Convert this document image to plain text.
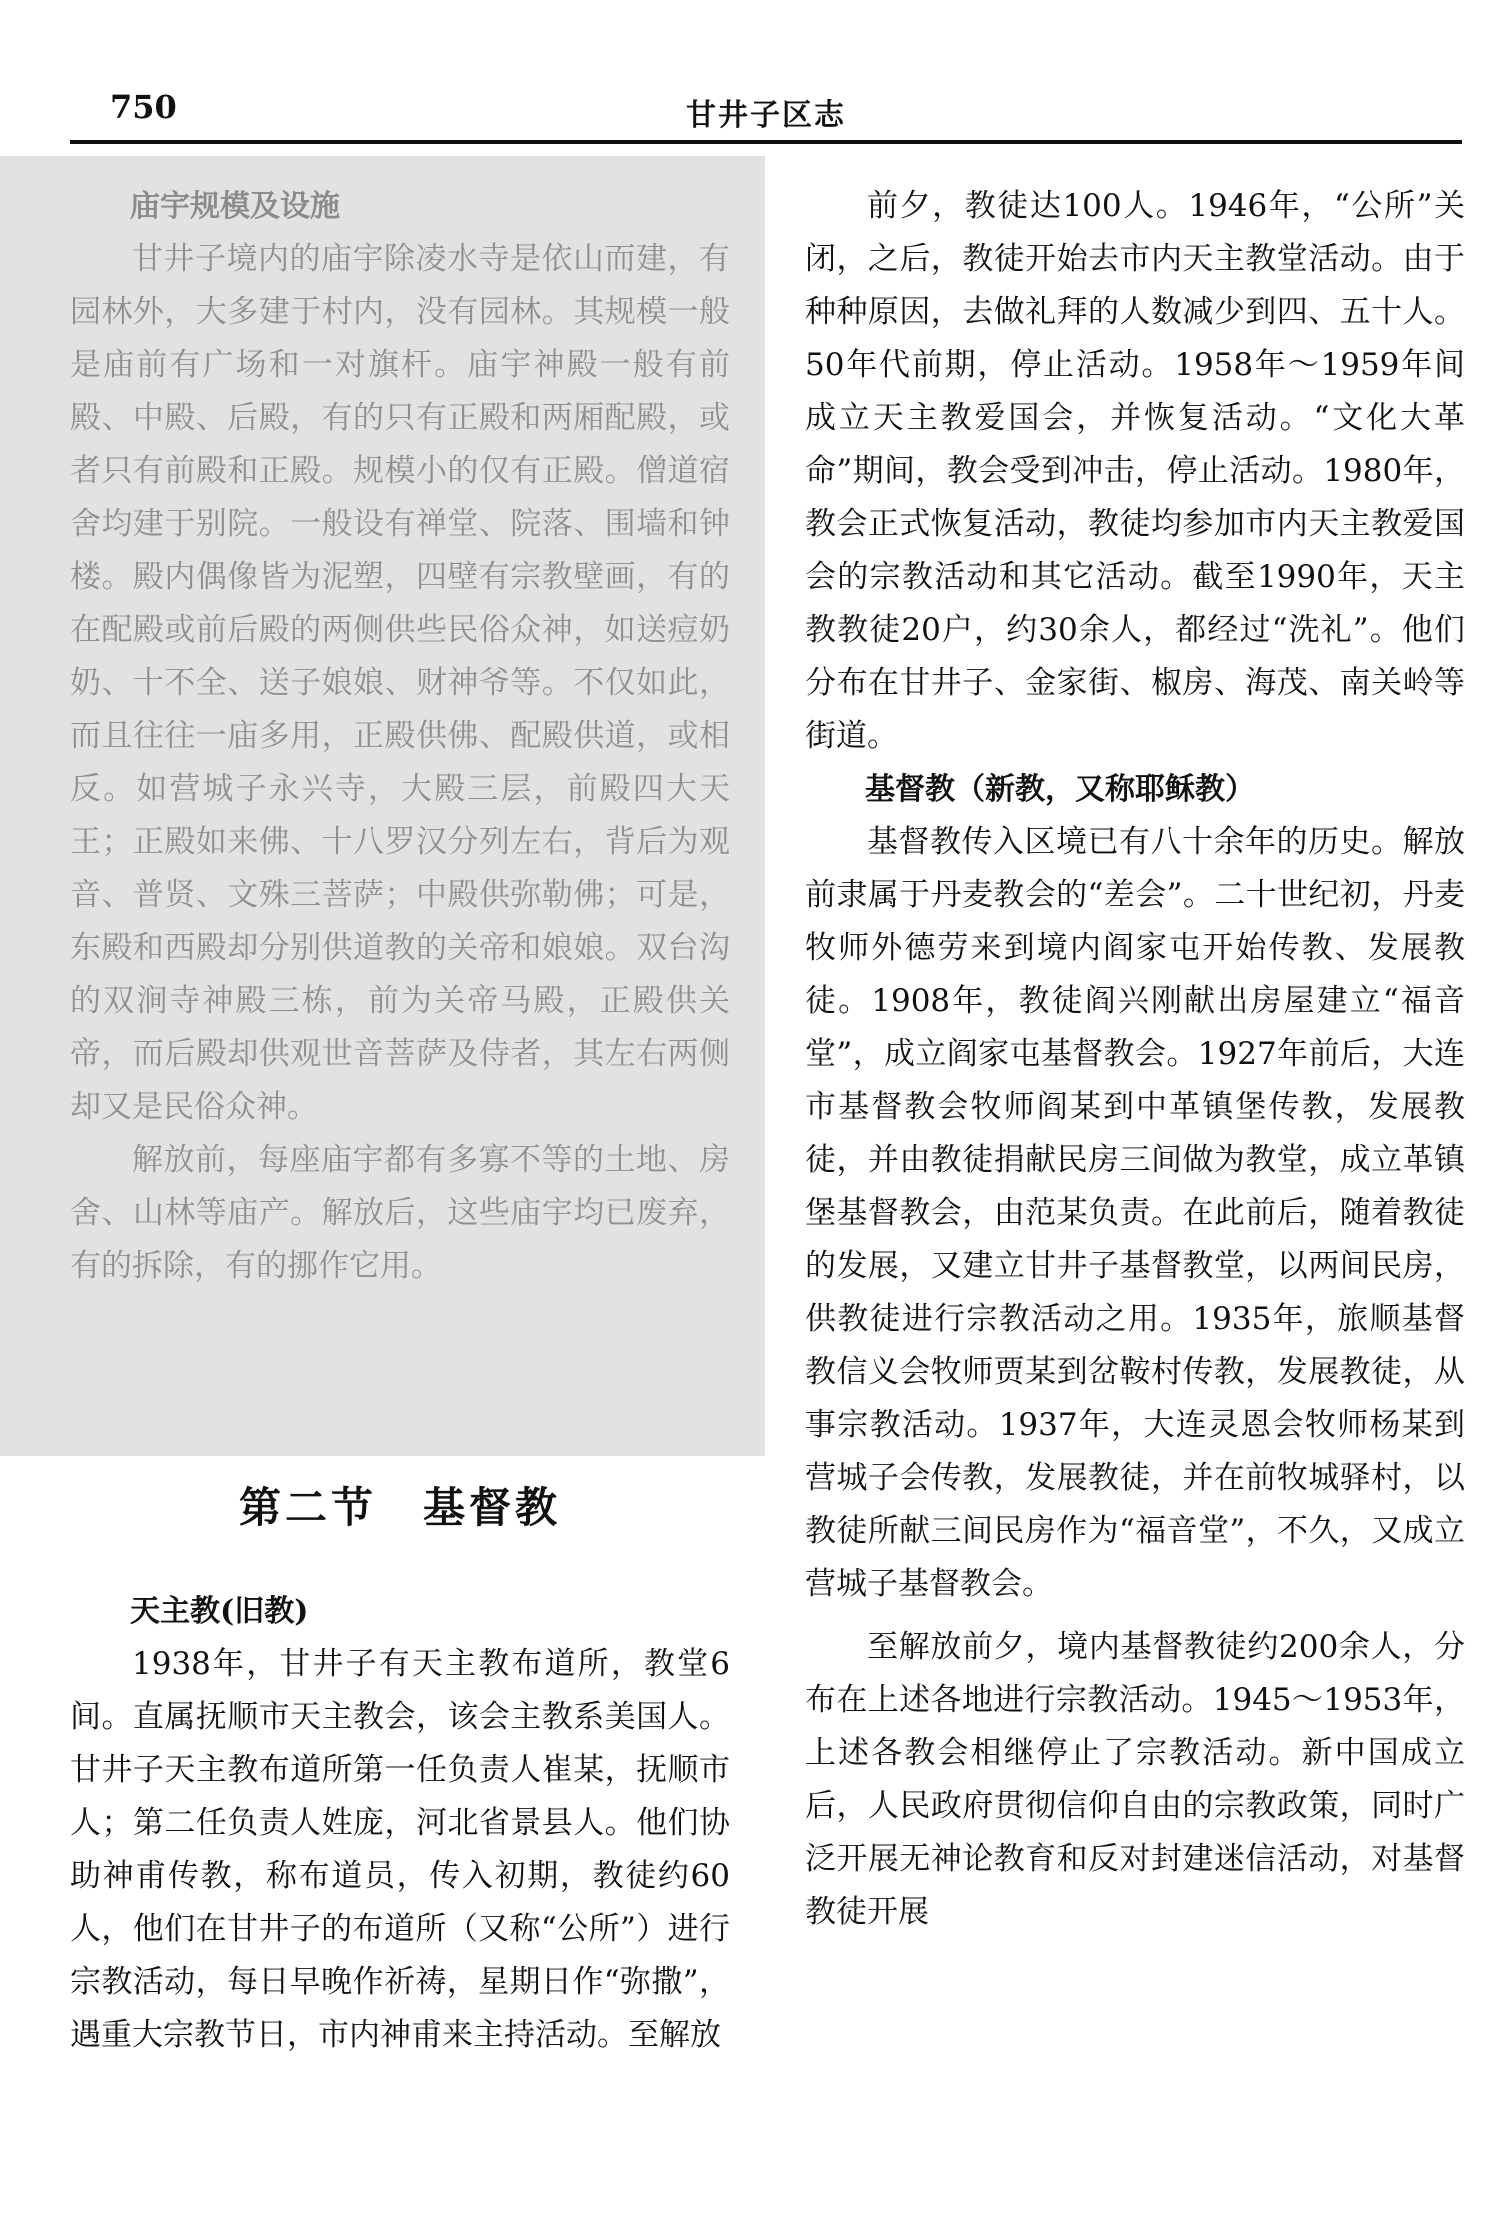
750	甘井子区志
庙宇规模及设施

甘井子境内的庙宇除凌水寺是依山而建，有园林外，大多建于村内，没有园林。其规模一般是庙前有广场和一对旗杆。庙宇神殿一般有前殿、中殿、后殿，有的只有正殿和两厢配殿，或者只有前殿和正殿。规模小的仅有正殿。僧道宿舍均建于别院。一般设有禅堂、院落、围墙和钟楼。殿内偶像皆为泥塑，四壁有宗教壁画，有的在配殿或前后殿的两侧供些民俗众神，如送痘奶奶、十不全、送子娘娘、财神爷等。不仅如此，而且往往一庙多用，正殿供佛、配殿供道，或相反。如营城子永兴寺，大殿三层，前殿四大天王；正殿如来佛、十八罗汉分列左右，背后为观音、普贤、文殊三菩萨；中殿供弥勒佛；可是，东殿和西殿却分别供道教的关帝和娘娘。双台沟的双涧寺神殿三栋，前为关帝马殿，正殿供关帝，而后殿却供观世音菩萨及侍者，其左右两侧却又是民俗众神。

解放前，每座庙宇都有多寡不等的土地、房舍、山林等庙产。解放后，这些庙宇均已废弃，有的拆除，有的挪作它用。

第二节　基督教
天主教(旧教)

1938年，甘井子有天主教布道所，教堂6间。直属抚顺市天主教会，该会主教系美国人。甘井子天主教布道所第一任负责人崔某，抚顺市人；第二任负责人姓庞，河北省景县人。他们协助神甫传教，称布道员，传入初期，教徒约60人，他们在甘井子的布道所（又称“公所”）进行宗教活动，每日早晚作祈祷，星期日作“弥撒”，遇重大宗教节日，市内神甫来主持活动。至解放

前夕，教徒达100人。1946年，“公所”关闭，之后，教徒开始去市内天主教堂活动。由于种种原因，去做礼拜的人数减少到四、五十人。50年代前期，停止活动。1958年～1959年间成立天主教爱国会，并恢复活动。“文化大革命”期间，教会受到冲击，停止活动。1980年，教会正式恢复活动，教徒均参加市内天主教爱国会的宗教活动和其它活动。截至1990年，天主教教徒20户，约30余人，都经过“洗礼”。他们分布在甘井子、金家街、椒房、海茂、南关岭等街道。

基督教（新教，又称耶稣教）

基督教传入区境已有八十余年的历史。解放前隶属于丹麦教会的“差会”。二十世纪初，丹麦牧师外德劳来到境内阎家屯开始传教、发展教徒。1908年，教徒阎兴刚献出房屋建立“福音堂”，成立阎家屯基督教会。1927年前后，大连市基督教会牧师阎某到中革镇堡传教，发展教徒，并由教徒捐献民房三间做为教堂，成立革镇堡基督教会，由范某负责。在此前后，随着教徒的发展，又建立甘井子基督教堂，以两间民房，供教徒进行宗教活动之用。1935年，旅顺基督教信义会牧师贾某到岔鞍村传教，发展教徒，从事宗教活动。1937年，大连灵恩会牧师杨某到营城子会传教，发展教徒，并在前牧城驿村，以教徒所献三间民房作为“福音堂”，不久，又成立营城子基督教会。

至解放前夕，境内基督教徒约200余人，分布在上述各地进行宗教活动。1945～1953年，上述各教会相继停止了宗教活动。新中国成立后，人民政府贯彻信仰自由的宗教政策，同时广泛开展无神论教育和反对封建迷信活动，对基督教徒开展
